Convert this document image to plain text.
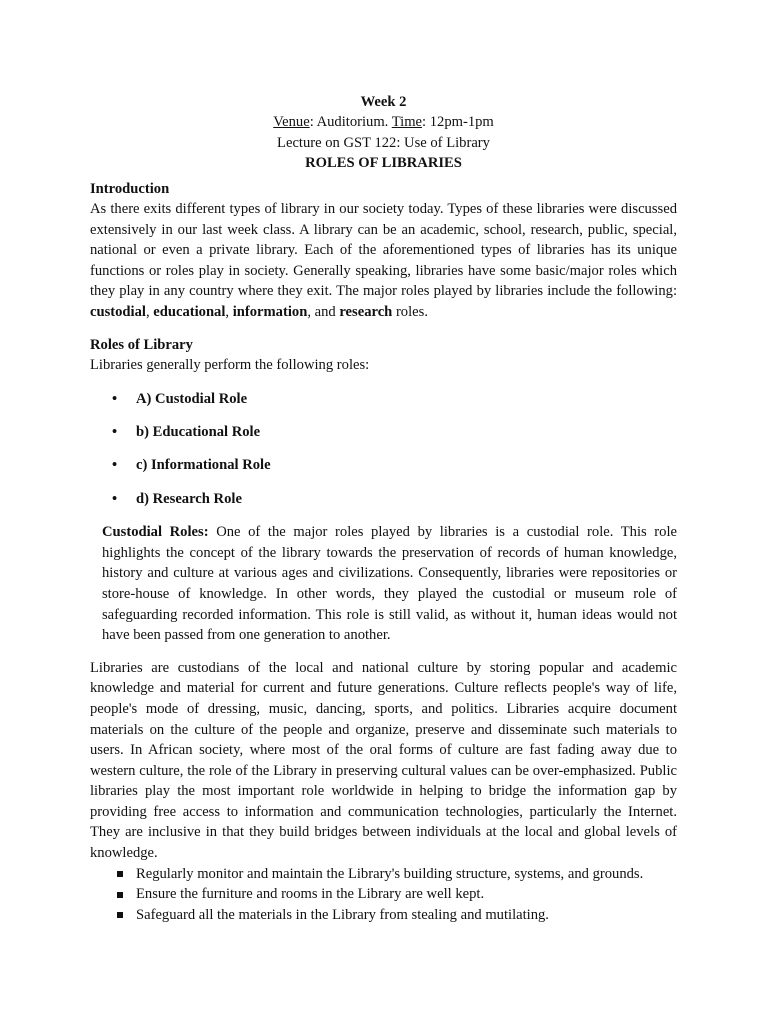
Week 2
Venue: Auditorium. Time: 12pm-1pm
Lecture on GST 122: Use of Library
ROLES OF LIBRARIES
Introduction

As there exits different types of library in our society today. Types of these libraries were discussed extensively in our last week class. A library can be an academic, school, research, public, special, national or even a private library. Each of the aforementioned types of libraries has its unique functions or roles play in society. Generally speaking, libraries have some basic/major roles which they play in any country where they exit. The major roles played by libraries include the following: custodial, educational, information, and research roles.

Roles of Library
Libraries generally perform the following roles:
• A) Custodial Role
• b) Educational Role
• c) Informational Role
• d) Research Role

Custodial Roles: One of the major roles played by libraries is a custodial role. This role highlights the concept of the library towards the preservation of records of human knowledge, history and culture at various ages and civilizations. Consequently, libraries were repositories or store-house of knowledge. In other words, they played the custodial or museum role of safeguarding recorded information. This role is still valid, as without it, human ideas would not have been passed from one generation to another.

Libraries are custodians of the local and national culture by storing popular and academic knowledge and material for current and future generations. Culture reflects people's way of life, people's mode of dressing, music, dancing, sports, and politics. Libraries acquire document materials on the culture of the people and organize, preserve and disseminate such materials to users. In African society, where most of the oral forms of culture are fast fading away due to western culture, the role of the Library in preserving cultural values can be over-emphasized. Public libraries play the most important role worldwide in helping to bridge the information gap by providing free access to information and communication technologies, particularly the Internet. They are inclusive in that they build bridges between individuals at the local and global levels of knowledge.

Regularly monitor and maintain the Library's building structure, systems, and grounds.
Ensure the furniture and rooms in the Library are well kept.
Safeguard all the materials in the Library from stealing and mutilating.
